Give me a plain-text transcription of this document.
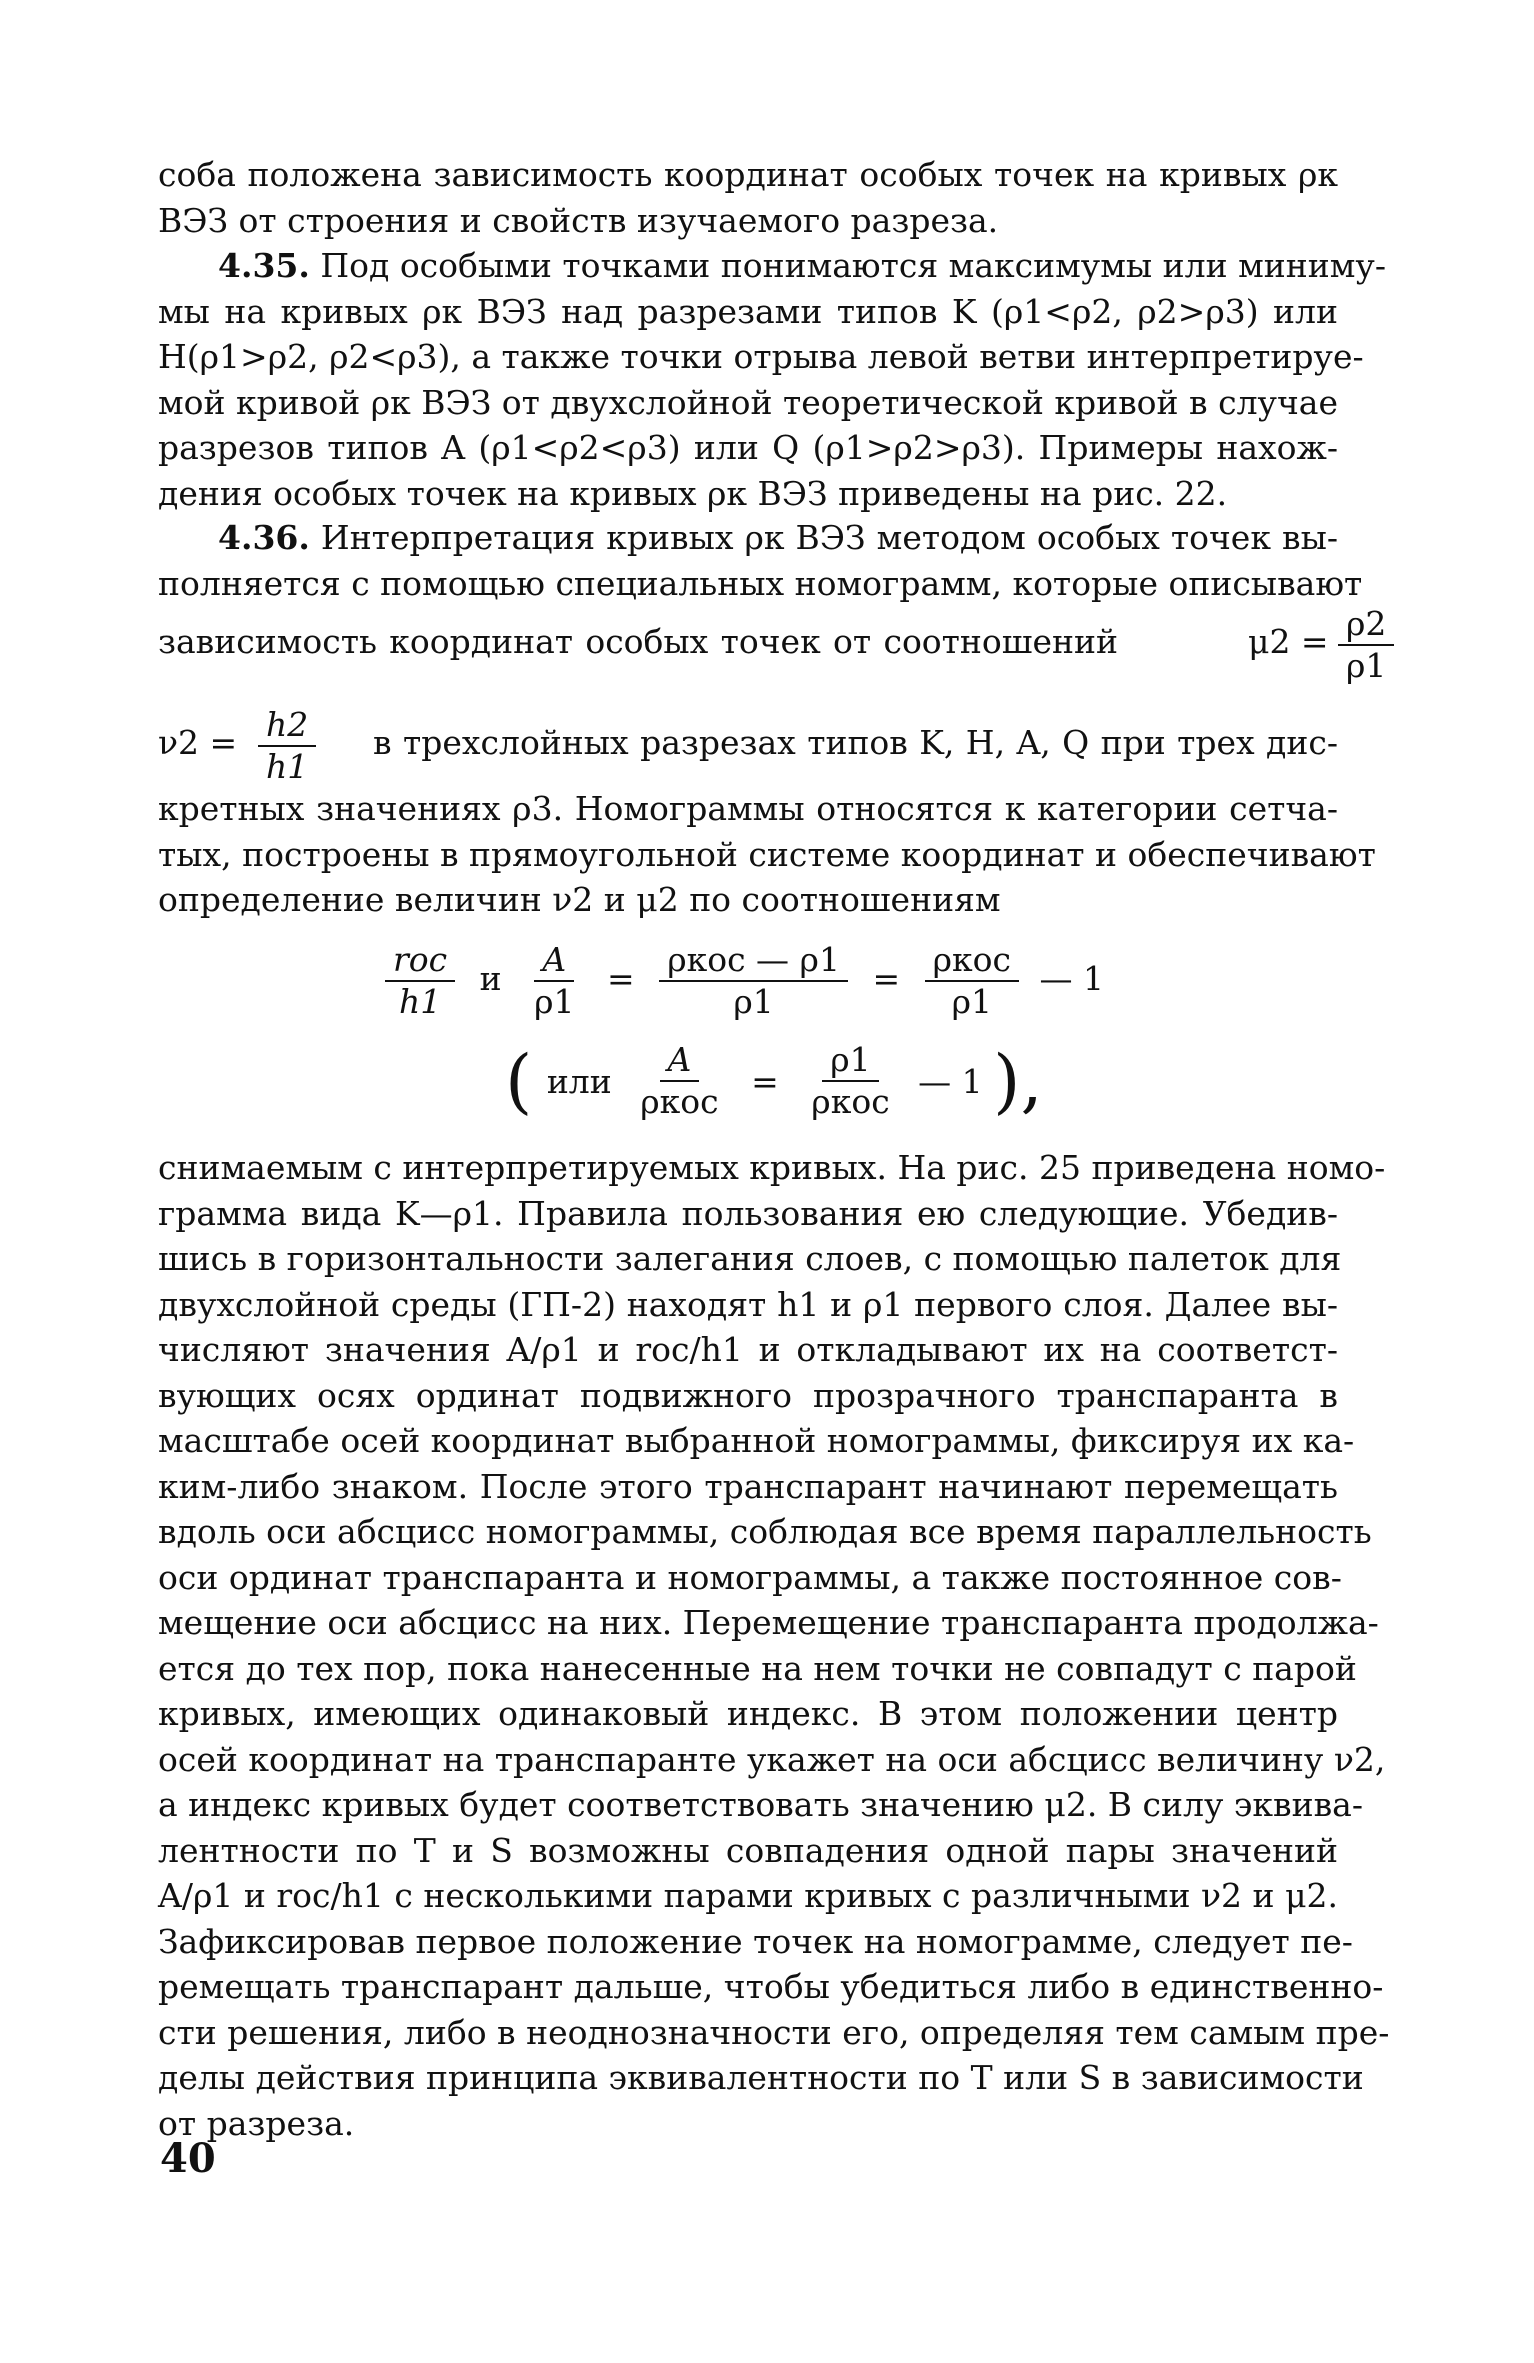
соба положена зависимость координат особых точек на кривых ρк
ВЭЗ от строения и свойств изучаемого разреза.
4.35. Под особыми точками понимаются максимумы или миниму-
мы на кривых ρк ВЭЗ над разрезами типов K (ρ1<ρ2, ρ2>ρ3) или
H(ρ1>ρ2, ρ2<ρ3), а также точки отрыва левой ветви интерпретируе-
мой кривой ρк ВЭЗ от двухслойной теоретической кривой в случае
разрезов типов A (ρ1<ρ2<ρ3) или Q (ρ1>ρ2>ρ3). Примеры нахож-
дения особых точек на кривых ρк ВЭЗ приведены на рис. 22.
4.36. Интерпретация кривых ρк ВЭЗ методом особых точек вы-
полняется с помощью специальных номограмм, которые описывают
зависимость координат особых точек от соотношений	$\mu 2 = \frac{\rho 2}{\rho 1}$
$\nu 2 = \frac{h2}{h1}$ в трехслойных разрезах типов K, H, A, Q при трех дис-
кретных значениях ρ3. Номограммы относятся к категории сетча-
тых, построены в прямоугольной системе координат и обеспечивают
определение величин ν2 и μ2 по соотношениям
$\frac{\text{rос}}{h1}$ и $\frac{A}{\rho 1} = \frac{\text{ρкос — ρ1}}{\rho 1} = \frac{\text{ρкос}}{\rho 1}$ — 1
( или $\frac{A}{\text{ρкос}} = \frac{\rho 1}{\text{ρкос}}$ — 1 ),
снимаемым с интерпретируемых кривых. На рис. 25 приведена номо-
грамма вида K—ρ1. Правила пользования ею следующие. Убедив-
шись в горизонтальности залегания слоев, с помощью палеток для
двухслойной среды (ГП-2) находят h1 и ρ1 первого слоя. Далее вы-
числяют значения A/ρ1 и rос/h1 и откладывают их на соответст-
вующих осях ординат подвижного прозрачного транспаранта в
масштабе осей координат выбранной номограммы, фиксируя их ка-
ким-либо знаком. После этого транспарант начинают перемещать
вдоль оси абсцисс номограммы, соблюдая все время параллельность
оси ординат транспаранта и номограммы, а также постоянное сов-
мещение оси абсцисс на них. Перемещение транспаранта продолжа-
ется до тех пор, пока нанесенные на нем точки не совпадут с парой
кривых, имеющих одинаковый индекс. В этом положении центр
осей координат на транспаранте укажет на оси абсцисс величину ν2,
а индекс кривых будет соответствовать значению μ2. В силу эквива-
лентности по T и S возможны совпадения одной пары значений
A/ρ1 и rос/h1 с несколькими парами кривых с различными ν2 и μ2.
Зафиксировав первое положение точек на номограмме, следует пе-
ремещать транспарант дальше, чтобы убедиться либо в единственно-
сти решения, либо в неоднозначности его, определяя тем самым пре-
делы действия принципа эквивалентности по T или S в зависимости
от разреза.
40
